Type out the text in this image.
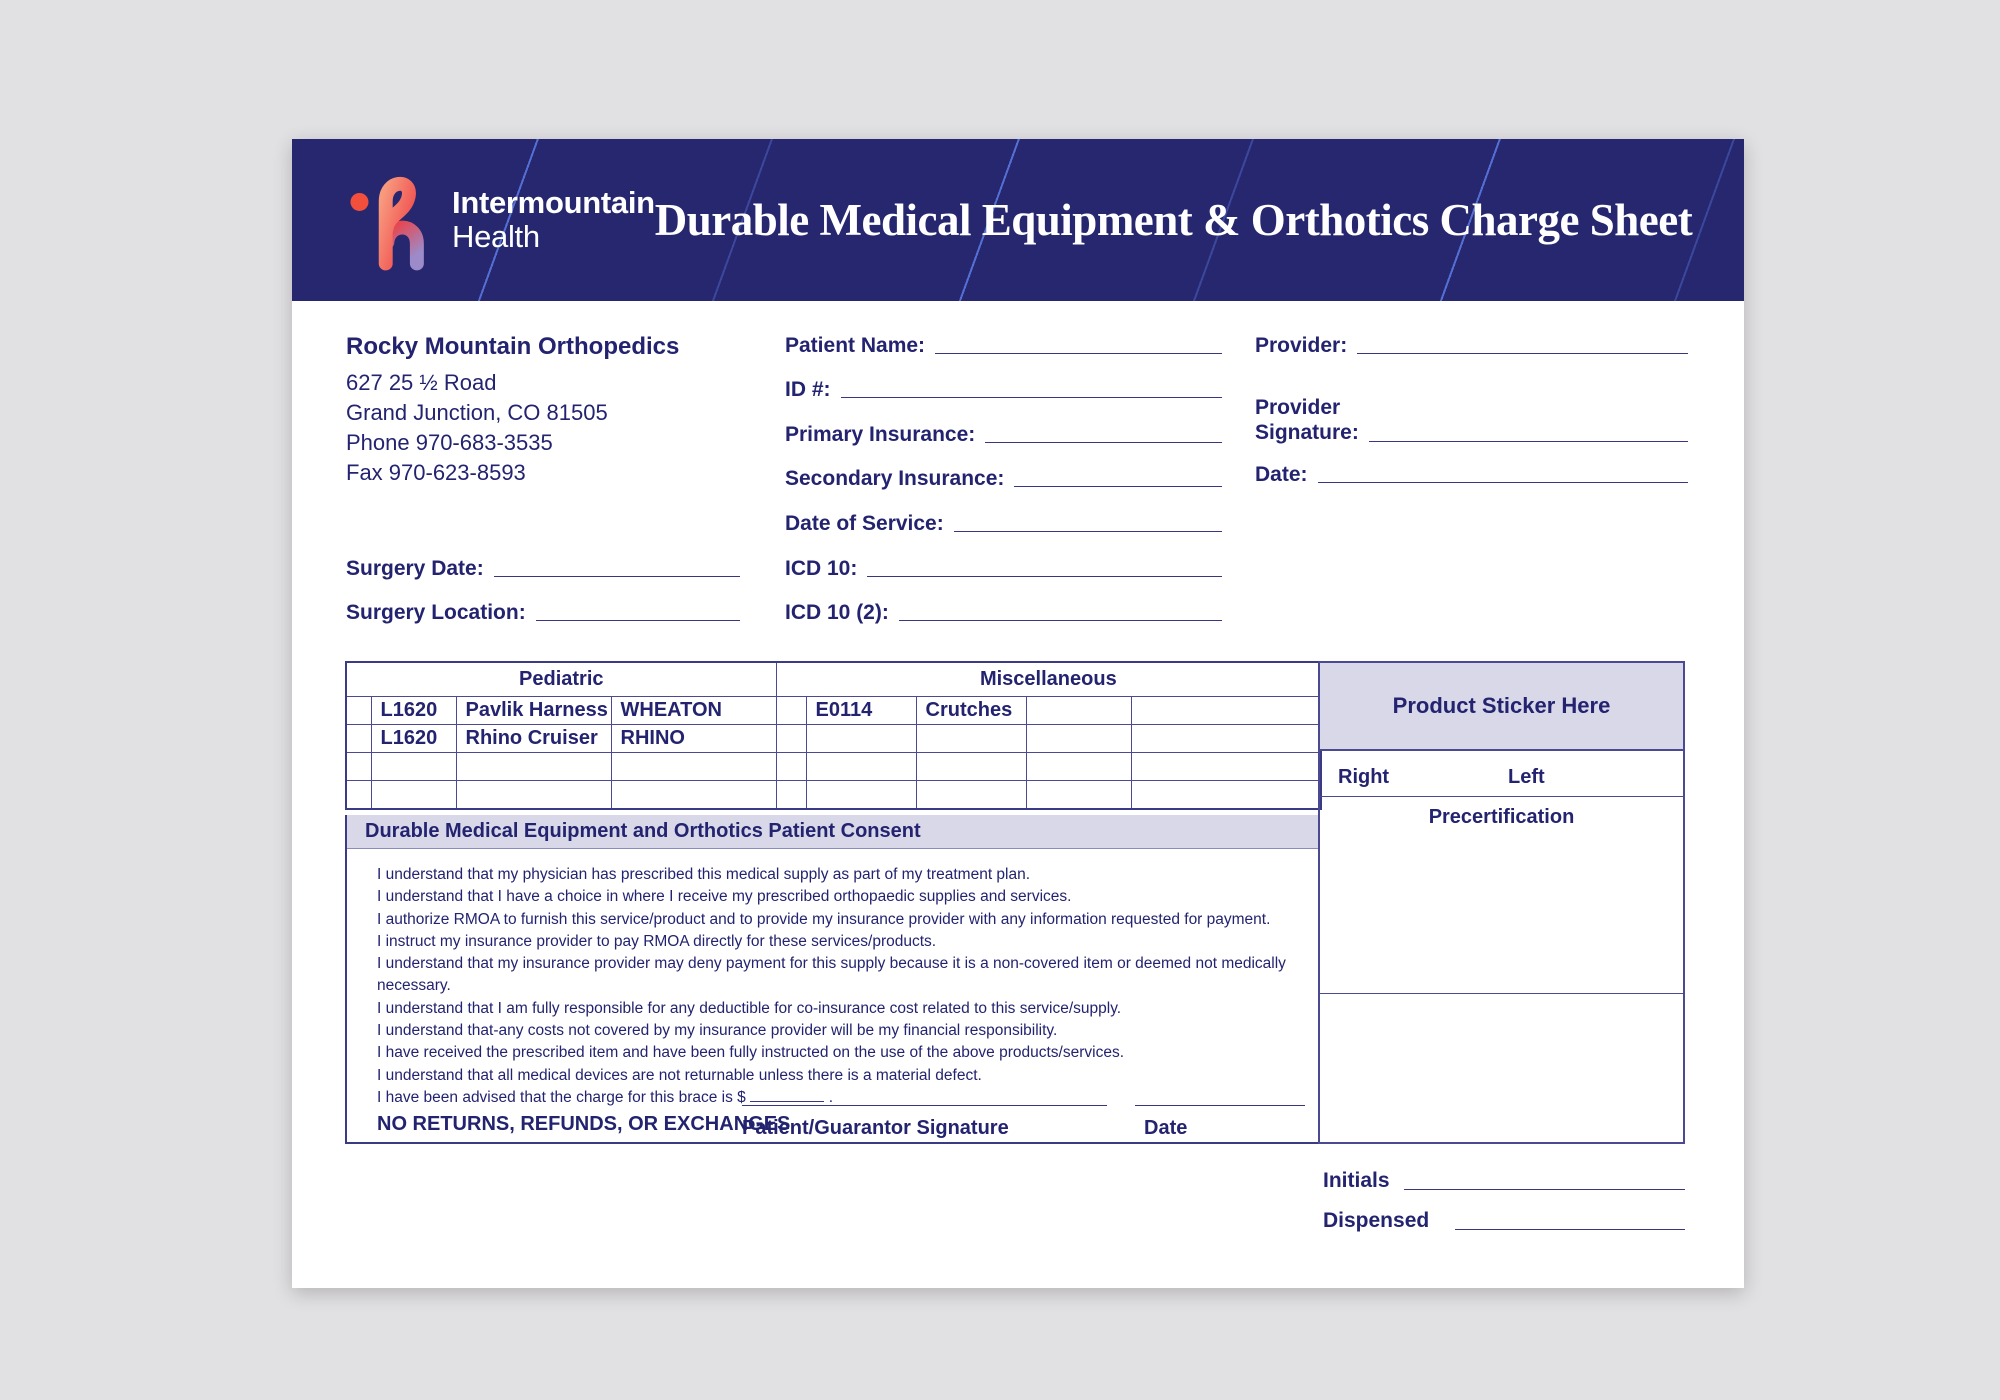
Intermountain
Health	Durable Medical Equipment & Orthotics Charge Sheet
Rocky Mountain Orthopedics
627 25 ½ Road
Grand Junction, CO 81505
Phone 970-683-3535
Fax 970-623-8593
Patient Name:
ID #:
Primary Insurance:
Secondary Insurance:
Date of Service:
ICD 10:
ICD 10 (2):
Surgery Date:
Surgery Location:
Provider:
Provider
Signature:
Date:
Pediatric				Miscellaneous				
	L1620	Pavlik Harness	WHEATON		E0114	Crutches		
	L1620	Rhino Cruiser	RHINO					

Durable Medical Equipment and Orthotics Patient Consent
I understand that my physician has prescribed this medical supply as part of my treatment plan.
I understand that I have a choice in where I receive my prescribed orthopaedic supplies and services.
I authorize RMOA to furnish this service/product and to provide my insurance provider with any information requested for payment.
I instruct my insurance provider to pay RMOA directly for these services/products.
I understand that my insurance provider may deny payment for this supply because it is a non-covered item or deemed not medically necessary.
I understand that I am fully responsible for any deductible for co-insurance cost related to this service/supply.
I understand that-any costs not covered by my insurance provider will be my financial responsibility.
I have received the prescribed item and have been fully instructed on the use of the above products/services.
I understand that all medical devices are not returnable unless there is a material defect.
I have been advised that the charge for this brace is $	.
NO RETURNS, REFUNDS, OR EXCHANGES
Patient/Guarantor Signature	Date
Product Sticker Here
Right	Left
Precertification
Initials
Dispensed
